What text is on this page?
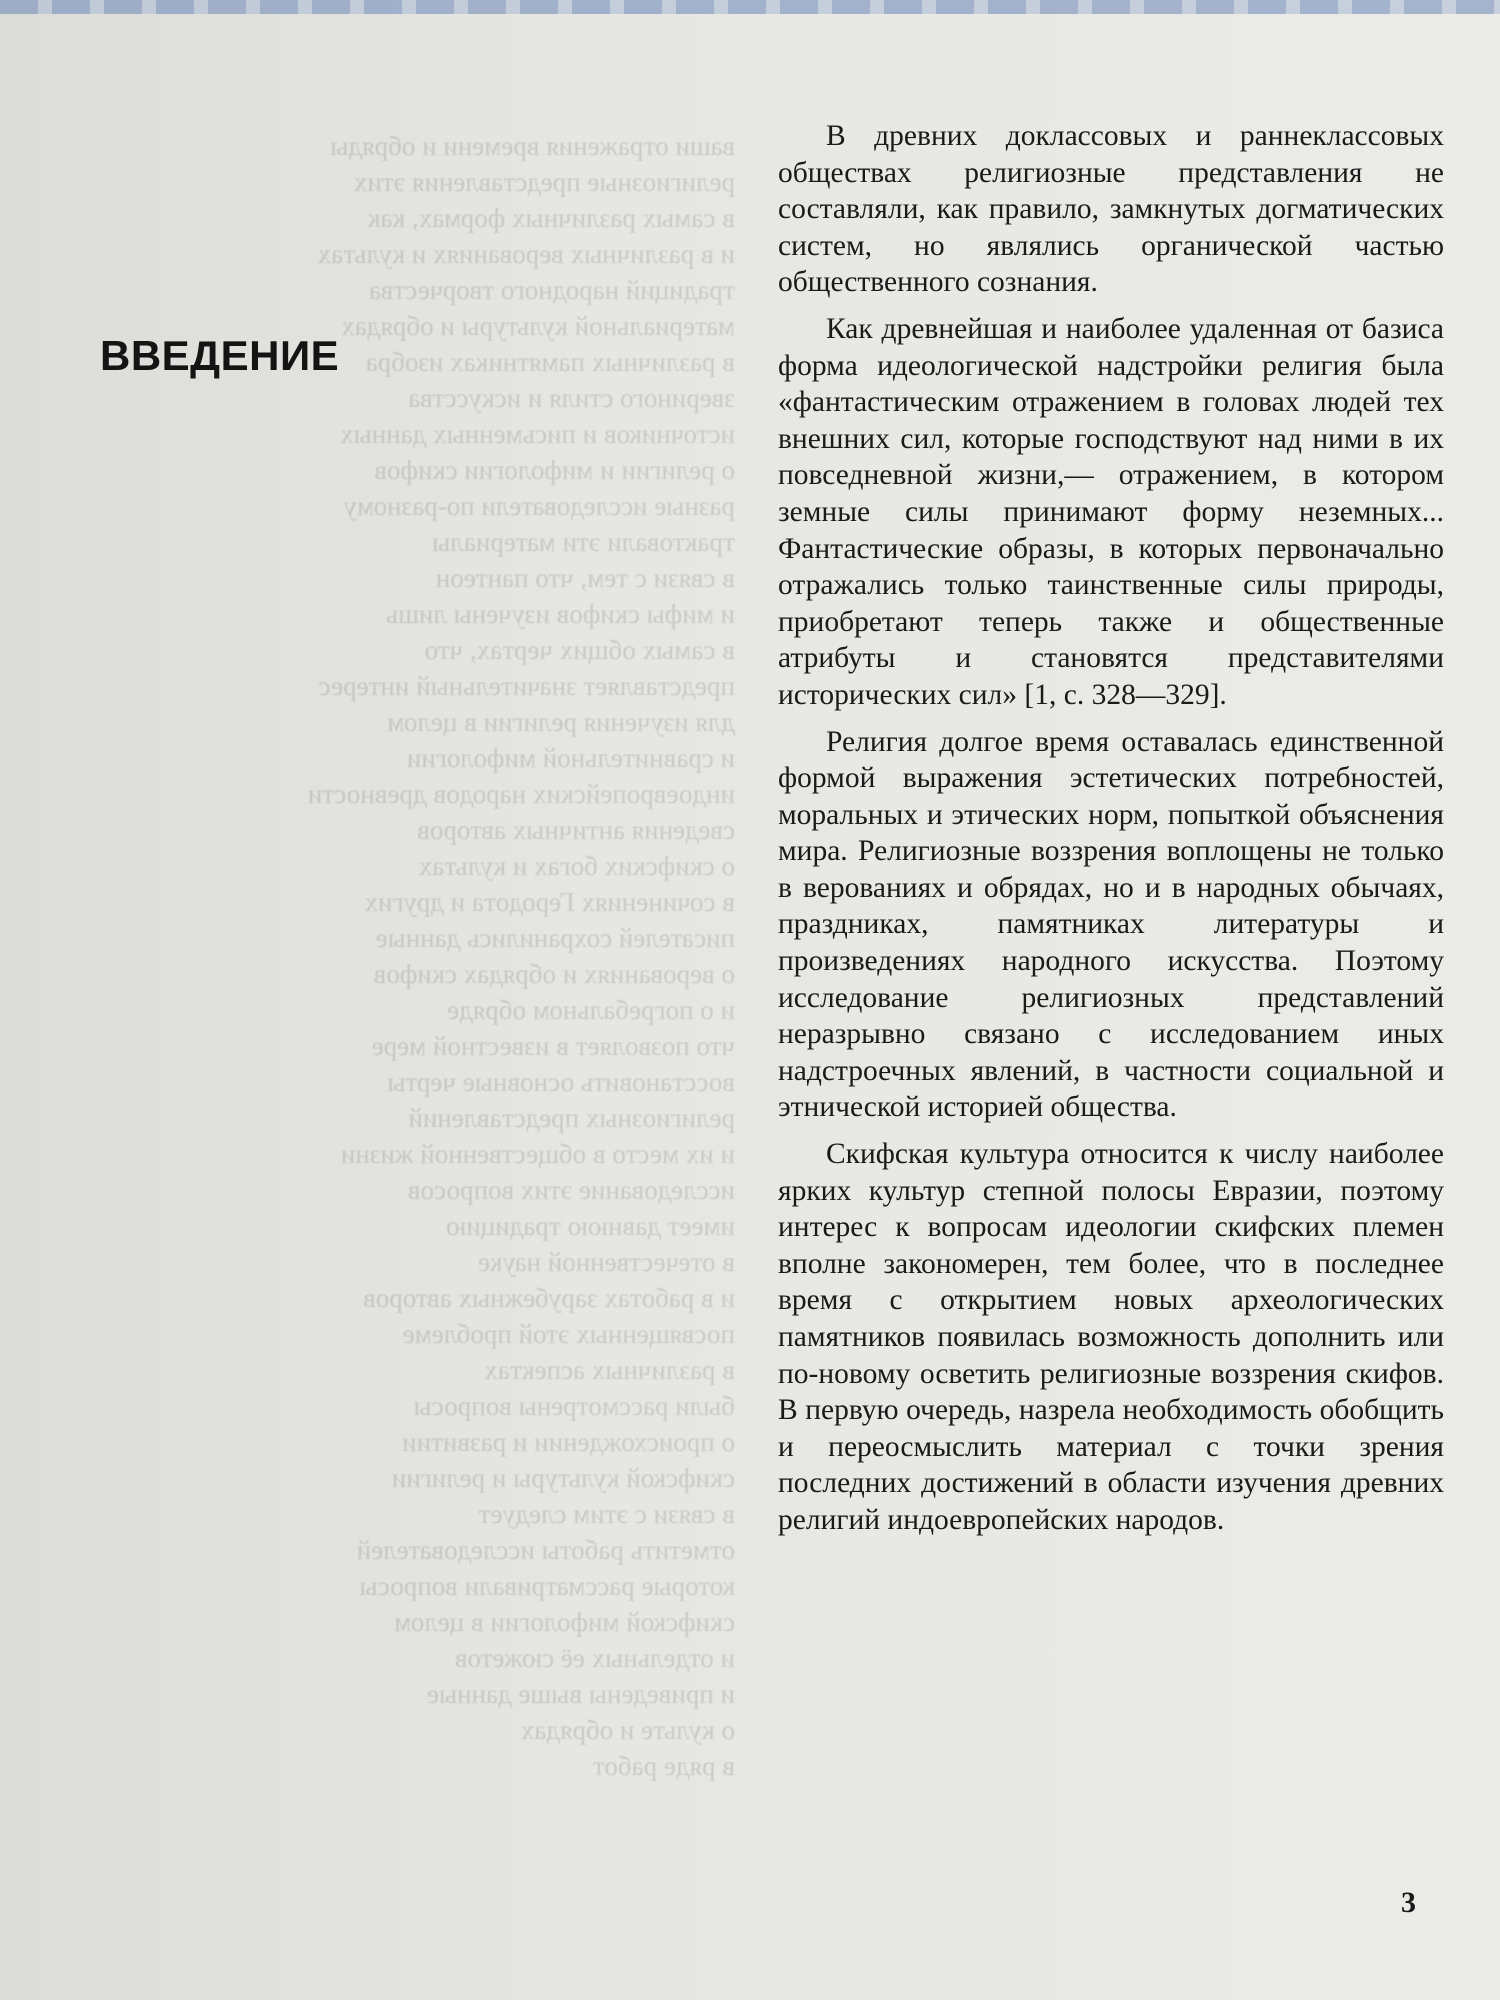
ваши отражения времени и обряды
религиозные представления этих
в самых различных формах, как
и в различных верованиях и культах
традиций народного творчества
материальной культуры и обрядах
в различных памятниках изобра
звериного стиля и искусства
источников и письменных данных
о религии и мифологии скифов
разные исследователи по-разному
трактовали эти материалы
в связи с тем, что пантеон
и мифы скифов изучены лишь
в самых общих чертах, что
представляет значительный интерес
для изучения религии в целом
и сравнительной мифологии
индоевропейских народов древности
сведения античных авторов
о скифских богах и культах
в сочинениях Геродота и других
писателей сохранились данные
о верованиях и обрядах скифов
и о погребальном обряде
что позволяет в известной мере
восстановить основные черты
религиозных представлений
и их место в общественной жизни
исследование этих вопросов
имеет давнюю традицию
в отечественной науке
и в работах зарубежных авторов
посвященных этой проблеме
в различных аспектах
были рассмотрены вопросы
о происхождении и развитии
скифской культуры и религии
в связи с этим следует
отметить работы исследователей
которые рассматривали вопросы
скифской мифологии в целом
и отдельных её сюжетов
и приведены выше данные
о культе и обрядах
в ряде работ
ВВЕДЕНИЕ

В древних доклассовых и раннеклассовых обществах религиозные представления не составляли, как правило, замкнутых догматических систем, но являлись органической частью общественного сознания.

Как древнейшая и наиболее удаленная от базиса форма идеологической надстройки религия была «фантастическим отражением в головах людей тех внешних сил, которые господствуют над ними в их повседневной жизни,— отражением, в котором земные силы принимают форму неземных... Фантастические образы, в которых первоначально отражались только таинственные силы природы, приобретают теперь также и общественные атрибуты и становятся представителями исторических сил» [1, с. 328—329].

Религия долгое время оставалась единственной формой выражения эстетических потребностей, моральных и этических норм, попыткой объяснения мира. Религиозные воззрения воплощены не только в верованиях и обрядах, но и в народных обычаях, праздниках, памятниках литературы и произведениях народного искусства. Поэтому исследование религиозных представлений неразрывно связано с исследованием иных надстроечных явлений, в частности социальной и этнической историей общества.

Скифская культура относится к числу наиболее ярких культур степной полосы Евразии, поэтому интерес к вопросам идеологии скифских племен вполне закономерен, тем более, что в последнее время с открытием новых археологических памятников появилась возможность дополнить или по-новому осветить религиозные воззрения скифов. В первую очередь, назрела необходимость обобщить и переосмыслить материал с точки зрения последних достижений в области изучения древних религий индоевропейских народов.

3
